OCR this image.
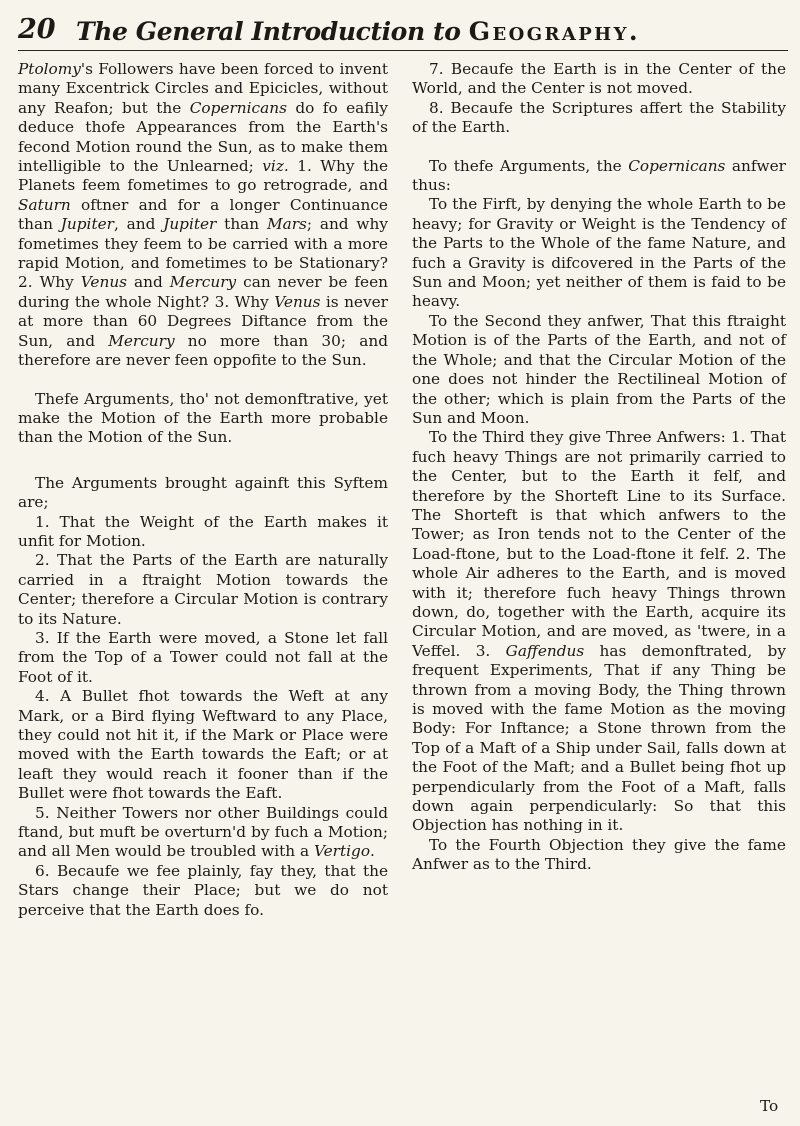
20 The General Introduction to Geography.

Ptolomy's Followers have been forced to invent many Excentrick Circles and Epicicles, without any Reafon; but the Copernicans do fo eafily deduce thofe Appearances from the Earth's fecond Motion round the Sun, as to make them intelligible to the Unlearned; viz. 1. Why the Planets feem fometimes to go retrograde, and Saturn oftner and for a longer Continuance than Jupiter, and Jupiter than Mars; and why fometimes they feem to be carried with a more rapid Motion, and fometimes to be Stationary? 2. Why Venus and Mercury can never be feen during the whole Night? 3. Why Venus is never at more than 60 Degrees Diftance from the Sun, and Mercury no more than 30; and therefore are never feen oppofite to the Sun.

Thefe Arguments, tho' not demonftrative, yet make the Motion of the Earth more probable than the Motion of the Sun.

The Arguments brought againft this Syftem are;

1. That the Weight of the Earth makes it unfit for Motion.

2. That the Parts of the Earth are naturally carried in a ftraight Motion towards the Center; therefore a Circular Motion is contrary to its Nature.

3. If the Earth were moved, a Stone let fall from the Top of a Tower could not fall at the Foot of it.

4. A Bullet fhot towards the Weft at any Mark, or a Bird flying Weftward to any Place, they could not hit it, if the Mark or Place were moved with the Earth towards the Eaft; or at leaft they would reach it fooner than if the Bullet were fhot towards the Eaft.

5. Neither Towers nor other Buildings could ftand, but muft be overturn'd by fuch a Motion; and all Men would be troubled with a Vertigo.

6. Becaufe we fee plainly, fay they, that the Stars change their Place; but we do not perceive that the Earth does fo.

7. Becaufe the Earth is in the Center of the World, and the Center is not moved.

8. Becaufe the Scriptures affert the Stability of the Earth.

To thefe Arguments, the Copernicans anfwer thus:

To the Firft, by denying the whole Earth to be heavy; for Gravity or Weight is the Tendency of the Parts to the Whole of the fame Nature, and fuch a Gravity is difcovered in the Parts of the Sun and Moon; yet neither of them is faid to be heavy.

To the Second they anfwer, That this ftraight Motion is of the Parts of the Earth, and not of the Whole; and that the Circular Motion of the one does not hinder the Rectilineal Motion of the other; which is plain from the Parts of the Sun and Moon.

To the Third they give Three Anfwers: 1. That fuch heavy Things are not primarily carried to the Center, but to the Earth it felf, and therefore by the Shorteft Line to its Surface. The Shorteft is that which anfwers to the Tower; as Iron tends not to the Center of the Load-ftone, but to the Load-ftone it felf. 2. The whole Air adheres to the Earth, and is moved with it; therefore fuch heavy Things thrown down, do, together with the Earth, acquire its Circular Motion, and are moved, as 'twere, in a Veffel. 3. Gaffendus has demonftrated, by frequent Experiments, That if any Thing be thrown from a moving Body, the Thing thrown is moved with the fame Motion as the moving Body: For Inftance; a Stone thrown from the Top of a Maft of a Ship under Sail, falls down at the Foot of the Maft; and a Bullet being fhot up perpendicularly from the Foot of a Maft, falls down again perpendicularly: So that this Objection has nothing in it.

To the Fourth Objection they give the fame Anfwer as to the Third.

To
